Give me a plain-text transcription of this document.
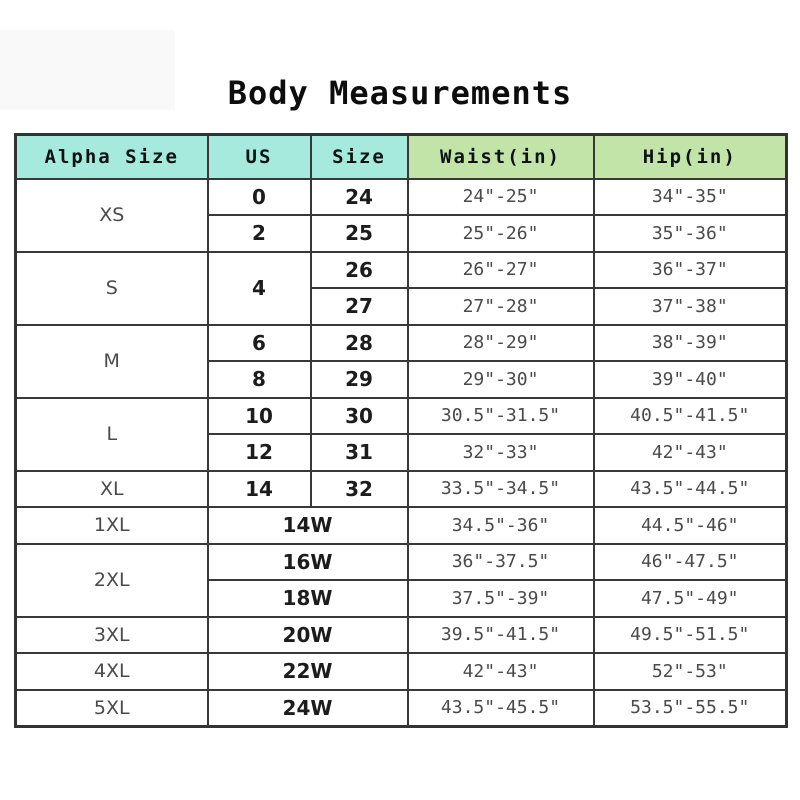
Body Measurements
Alpha Size	US	Size	Waist(in)	Hip(in)
XS	0	24	24"-25"	34"-35"
	2	25	25"-26"	35"-36"
S	4	26	26"-27"	36"-37"
		27	27"-28"	37"-38"
M	6	28	28"-29"	38"-39"
	8	29	29"-30"	39"-40"
L	10	30	30.5"-31.5"	40.5"-41.5"
	12	31	32"-33"	42"-43"
XL	14	32	33.5"-34.5"	43.5"-44.5"
1XL	14W		34.5"-36"	44.5"-46"
2XL	16W		36"-37.5"	46"-47.5"
	18W		37.5"-39"	47.5"-49"
3XL	20W		39.5"-41.5"	49.5"-51.5"
4XL	22W		42"-43"	52"-53"
5XL	24W		43.5"-45.5"	53.5"-55.5"
